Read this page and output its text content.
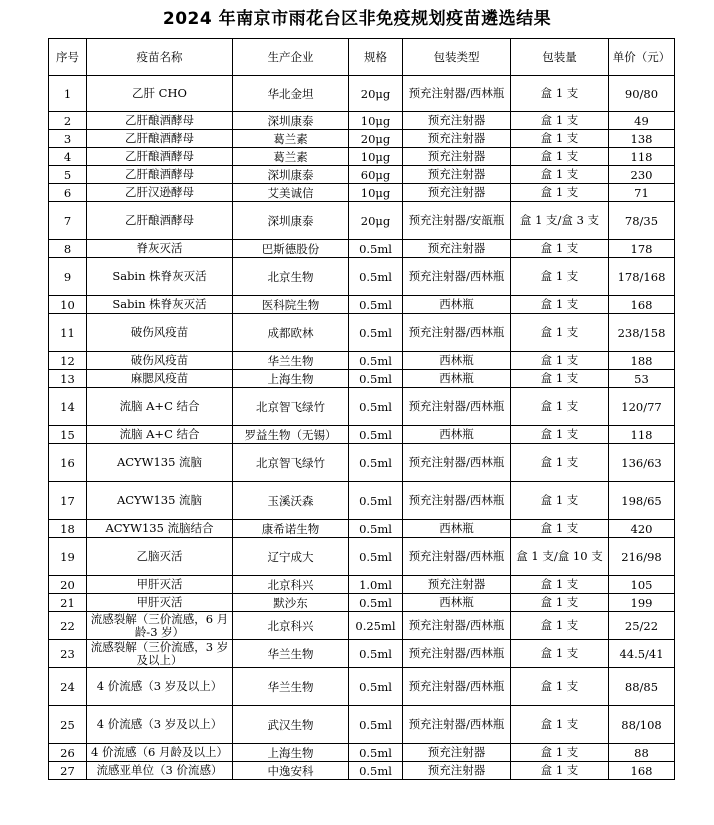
2024 年南京市雨花台区非免疫规划疫苗遴选结果
序号	疫苗名称	生产企业	规格	包装类型	包装量	单价（元）
1	乙肝 CHO	华北金坦	20μg	预充注射器/西林瓶	盒 1 支	90/80
2	乙肝酿酒酵母	深圳康泰	10μg	预充注射器	盒 1 支	49
3	乙肝酿酒酵母	葛兰素	20μg	预充注射器	盒 1 支	138
4	乙肝酿酒酵母	葛兰素	10μg	预充注射器	盒 1 支	118
5	乙肝酿酒酵母	深圳康泰	60μg	预充注射器	盒 1 支	230
6	乙肝汉逊酵母	艾美诚信	10μg	预充注射器	盒 1 支	71
7	乙肝酿酒酵母	深圳康泰	20μg	预充注射器/安瓿瓶	盒 1 支/盒 3 支	78/35
8	脊灰灭活	巴斯德股份	0.5ml	预充注射器	盒 1 支	178
9	Sabin 株脊灰灭活	北京生物	0.5ml	预充注射器/西林瓶	盒 1 支	178/168
10	Sabin 株脊灰灭活	医科院生物	0.5ml	西林瓶	盒 1 支	168
11	破伤风疫苗	成都欧林	0.5ml	预充注射器/西林瓶	盒 1 支	238/158
12	破伤风疫苗	华兰生物	0.5ml	西林瓶	盒 1 支	188
13	麻腮风疫苗	上海生物	0.5ml	西林瓶	盒 1 支	53
14	流脑 A+C 结合	北京智飞绿竹	0.5ml	预充注射器/西林瓶	盒 1 支	120/77
15	流脑 A+C 结合	罗益生物（无锡）	0.5ml	西林瓶	盒 1 支	118
16	ACYW135 流脑	北京智飞绿竹	0.5ml	预充注射器/西林瓶	盒 1 支	136/63
17	ACYW135 流脑	玉溪沃森	0.5ml	预充注射器/西林瓶	盒 1 支	198/65
18	ACYW135 流脑结合	康希诺生物	0.5ml	西林瓶	盒 1 支	420
19	乙脑灭活	辽宁成大	0.5ml	预充注射器/西林瓶	盒 1 支/盒 10 支	216/98
20	甲肝灭活	北京科兴	1.0ml	预充注射器	盒 1 支	105
21	甲肝灭活	默沙东	0.5ml	西林瓶	盒 1 支	199
22	流感裂解（三价流感，6 月龄-3 岁）	北京科兴	0.25ml	预充注射器/西林瓶	盒 1 支	25/22
23	流感裂解（三价流感，3 岁及以上）	华兰生物	0.5ml	预充注射器/西林瓶	盒 1 支	44.5/41
24	4 价流感（3 岁及以上）	华兰生物	0.5ml	预充注射器/西林瓶	盒 1 支	88/85
25	4 价流感（3 岁及以上）	武汉生物	0.5ml	预充注射器/西林瓶	盒 1 支	88/108
26	4 价流感（6 月龄及以上）	上海生物	0.5ml	预充注射器	盒 1 支	88
27	流感亚单位（3 价流感）	中逸安科	0.5ml	预充注射器	盒 1 支	168
